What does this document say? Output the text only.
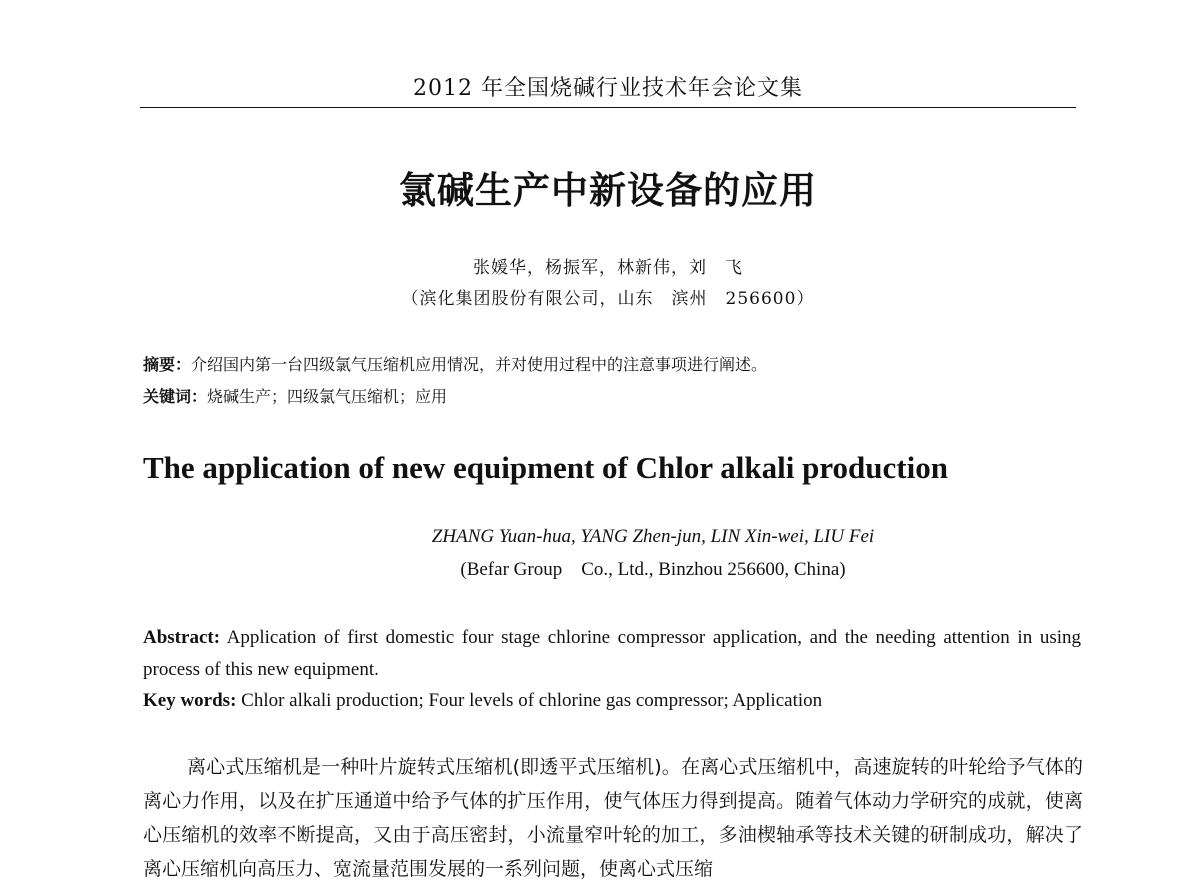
2012 年全国烧碱行业技术年会论文集
氯碱生产中新设备的应用
张媛华，杨振军，林新伟，刘　飞
（滨化集团股份有限公司，山东　滨州　256600）
摘要：介绍国内第一台四级氯气压缩机应用情况，并对使用过程中的注意事项进行阐述。
关键词：烧碱生产；四级氯气压缩机；应用
The application of new equipment of Chlor alkali production
ZHANG Yuan-hua, YANG Zhen-jun, LIN Xin-wei, LIU Fei
(Befar Group　Co., Ltd., Binzhou 256600, China)
Abstract: Application of first domestic four stage chlorine compressor application, and the needing attention in using process of this new equipment.
Key words: Chlor alkali production; Four levels of chlorine gas compressor; Application
离心式压缩机是一种叶片旋转式压缩机(即透平式压缩机)。在离心式压缩机中，高速旋转的叶轮给予气体的离心力作用，以及在扩压通道中给予气体的扩压作用，使气体压力得到提高。随着气体动力学研究的成就，使离心压缩机的效率不断提高，又由于高压密封，小流量窄叶轮的加工，多油楔轴承等技术关键的研制成功，解决了离心压缩机向高压力、宽流量范围发展的一系列问题，使离心式压缩
